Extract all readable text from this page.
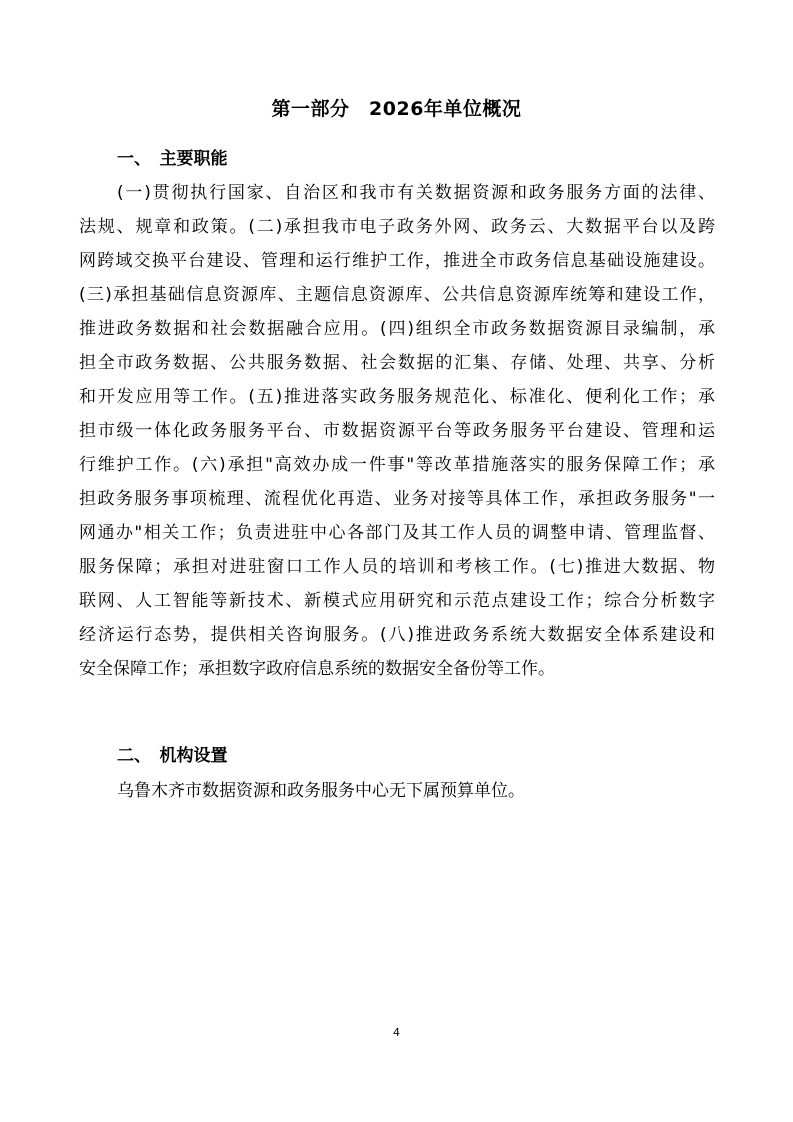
第一部分　2026年单位概况
一、　主要职能
(一)贯彻执行国家、自治区和我市有关数据资源和政务服务方面的法律、
法规、规章和政策。(二)承担我市电子政务外网、政务云、大数据平台以及跨
网跨域交换平台建设、管理和运行维护工作，推进全市政务信息基础设施建设。
(三)承担基础信息资源库、主题信息资源库、公共信息资源库统筹和建设工作，
推进政务数据和社会数据融合应用。(四)组织全市政务数据资源目录编制，承
担全市政务数据、公共服务数据、社会数据的汇集、存储、处理、共享、分析
和开发应用等工作。(五)推进落实政务服务规范化、标准化、便利化工作；承
担市级一体化政务服务平台、市数据资源平台等政务服务平台建设、管理和运
行维护工作。(六)承担"高效办成一件事"等改革措施落实的服务保障工作；承
担政务服务事项梳理、流程优化再造、业务对接等具体工作，承担政务服务"一
网通办"相关工作；负责进驻中心各部门及其工作人员的调整申请、管理监督、
服务保障；承担对进驻窗口工作人员的培训和考核工作。(七)推进大数据、物
联网、人工智能等新技术、新模式应用研究和示范点建设工作；综合分析数字
经济运行态势，提供相关咨询服务。(八)推进政务系统大数据安全体系建设和
安全保障工作；承担数字政府信息系统的数据安全备份等工作。
二、　机构设置
乌鲁木齐市数据资源和政务服务中心无下属预算单位。
4
